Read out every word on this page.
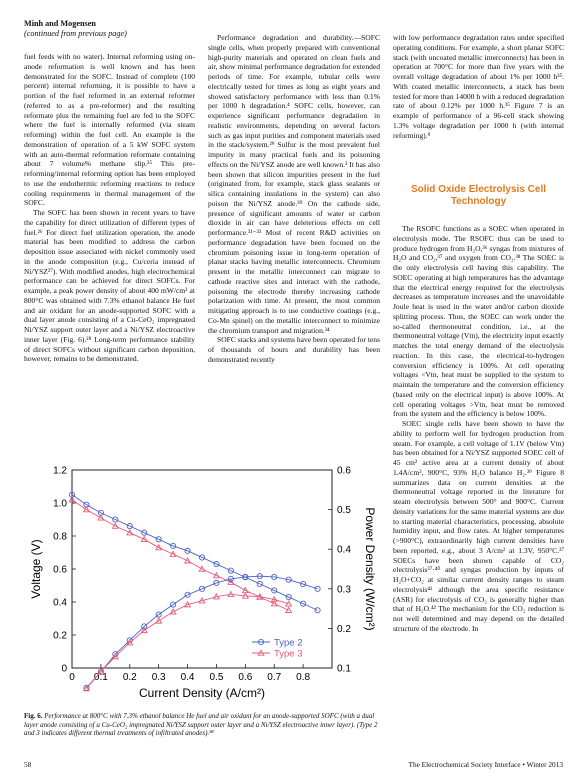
Minh and Mogensen
(continued from previous page)

fuel feeds with no water). Internal reforming using on-anode reformation is well known and has been demonstrated for the SOFC. Instead of complete (100 percent) internal reforming, it is possible to have a portion of the fuel reformed in an external reformer (referred to as a pre-reformer) and the resulting reformate plus the remaining fuel are fed to the SOFC where the fuel is internally reformed (via steam reforming) within the fuel cell. An example is the demonstration of operation of a 5 kW SOFC system with an auto-thermal reformation reformate containing about 7 volume% methane slip.²⁵ This pre-reforming/internal reforming option has been employed to use the endothermic reforming reactions to reduce cooling requirements in thermal management of the SOFC.

The SOFC has been shown in recent years to have the capability for direct utilization of different types of fuel.²⁶ For direct fuel utilization operation, the anode material has been modified to address the carbon deposition issue associated with nickel commonly used in the anode composition (e.g., Cu/ceria instead of Ni/YSZ²⁷). With modified anodes, high electrochemical performance can be achieved for direct SOFCs. For example, a peak power density of about 400 mW/cm² at 800°C was obtained with 7.3% ethanol balance He fuel and air oxidant for an anode-supported SOFC with a dual layer anode consisting of a Cu-CeO₂ impregnated Ni/YSZ support outer layer and a Ni/YSZ electroactive inner layer (Fig. 6).²⁸ Long-term performance stability of direct SOFCs without significant carbon deposition, however, remains to be demonstrated.

Performance degradation and durability.—SOFC single cells, when properly prepared with conventional high-purity materials and operated on clean fuels and air, show minimal performance degradation for extended periods of time. For example, tubular cells were electrically tested for times as long as eight years and showed satisfactory performance with less than 0.1% per 1000 h degradation.⁴ SOFC cells, however, can experience significant performance degradation in realistic environments, depending on several factors such as gas input purities and component materials used in the stack/system.²⁹ Sulfur is the most prevalent fuel impurity in many practical fuels and its poisoning effects on the Ni/YSZ anode are well known.³ It has also been shown that silicon impurities present in the fuel (originated from, for example, stack glass sealants or silica containing insulations in the system) can also poison the Ni/YSZ anode.³⁰ On the cathode side, presence of significant amounts of water or carbon dioxide in air can have deleterious effects on cell performance.³¹⁻³³ Most of recent R&D activities on performance degradation have been focused on the chromium poisoning issue in long-term operation of planar stacks having metallic interconnects. Chromium present in the metallic interconnect can migrate to cathode reactive sites and interact with the cathode, poisoning the electrode thereby increasing cathode polarization with time. At present, the most common mitigating approach is to use conductive coatings (e.g., Co-Mn spinel) on the metallic interconnect to minimize the chromium transport and migration.³⁴

SOFC stacks and systems have been operated for tens of thousands of hours and durability has been demonstrated recently

with low performance degradation rates under specified operating conditions. For example, a short planar SOFC stack (with uncoated metallic interconnects) has been in operation at 700°C for more than five years with the overall voltage degradation of about 1% per 1000 h³⁵. With coated metallic interconnects, a stack has been tested for more than 14000 h with a reduced degradation rate of about 0.12% per 1000 h.³⁵ Figure 7 is an example of performance of a 96-cell stack showing 1.3% voltage degradation per 1000 h (with internal reforming).⁹

Solid Oxide Electrolysis Cell Technology

The RSOFC functions as a SOEC when operated in electrolysis mode. The RSOFC thus can be used to produce hydrogen from H₂O,³⁶ syngas from mixtures of H₂O and CO₂,³⁷ and oxygen from CO₂.³⁸ The SOEC is the only electrolysis cell having this capability. The SOEC operating at high temperatures has the advantage that the electrical energy required for the electrolysis decreases as temperature increases and the unavoidable Joule heat is used in the water and/or carbon dioxide splitting process. Thus, the SOEC can work under the so-called thermoneutral condition, i.e., at the thermoneutral voltage (Vtn), the electricity input exactly matches the total energy demand of the electrolysis reaction. In this case, the electrical-to-hydrogen conversion efficiency is 100%. At cell operating voltages <Vtn, heat must be supplied to the system to maintain the temperature and the conversion efficiency (based only on the electrical input) is above 100%. At cell operating voltages >Vtn, heat must be removed from the system and the efficiency is below 100%.

SOEC single cells have been shown to have the ability to perform well for hydrogen production from steam. For example, a cell voltage of 1.1V (below Vtn) has been obtained for a Ni/YSZ supported SOEC cell of 45 cm² active area at a current density of about 1.4A/cm², 900°C, 93% H₂O balance H₂.³⁹ Figure 8 summarizes data on current densities at the thermoneutral voltage reported in the literature for steam electrolysis between 500° and 900°C. Current density variations for the same material systems are due to starting material characteristics, processing, absolute humidity input, and flow rates. At higher temperatures (>900°C), extraordinarily high current densities have been reported, e.g., about 3 A/cm² at 1.3V, 950°C.³⁷ SOECs have been shown capable of CO₂ electrolysis³⁷·⁴⁰ and syngas production by inputs of H₂O+CO₂ at similar current density ranges to steam electrolysis⁴¹ although the area specific resistance (ASR) for electrolysis of CO₂ is generally higher than that of H₂O.⁴² The mechanism for the CO₂ reduction is not well determined and may depend on the detailed structure of the electrode. In

0 0.1 0.2 0.3 0.4 0.5 0.6 0.7 0.8
0
0.2
0.4
0.6
0.8
1.0
1.2
0.1
0.2
0.3
0.4
0.5
0.6
Current Density (A/cm²)
Voltage (V)	Power Density (W/cm²)
Type 2
Type 3
Fig. 6. Performance at 800°C with 7.3% ethanol balance He fuel and air oxidant for an anode-supported SOFC (with a dual layer anode consisting of a Cu-CeO₂ impregnated Ni/YSZ support outer layer and a Ni/YSZ electroactive inner layer). (Type 2 and 3 indicates different thermal treatments of infiltrated anodes).²⁸
58	The Electrochemical Society Interface • Winter 2013
